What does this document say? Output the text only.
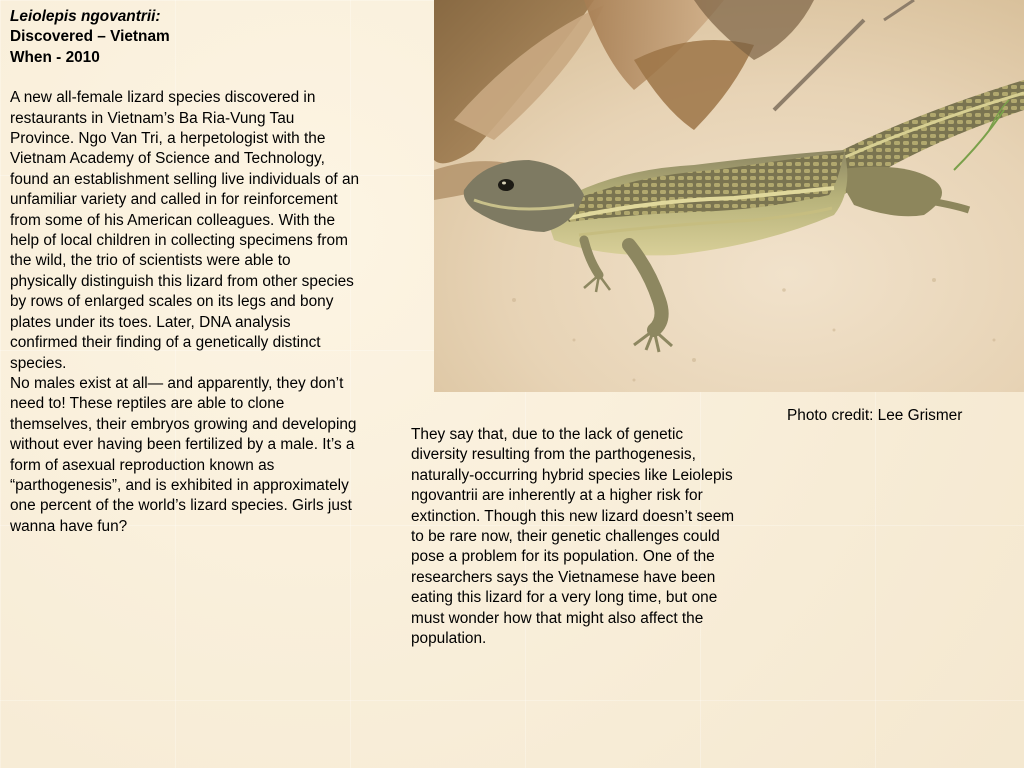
Leiolepis ngovantrii:

Discovered – Vietnam

When - 2010

A new all-female lizard species discovered in restaurants in Vietnam’s Ba Ria-Vung Tau Province. Ngo Van Tri, a herpetologist with the Vietnam Academy of Science and Technology, found an establishment selling live individuals of an unfamiliar variety and called in for reinforcement from some of his American colleagues. With the help of local children in collecting specimens from the wild, the trio of scientists were able to physically distinguish this lizard from other species by rows of enlarged scales on its legs and bony plates under its toes. Later, DNA analysis confirmed their finding of a genetically distinct species.

No males exist at all— and apparently, they don’t need to! These reptiles are able to clone themselves, their embryos growing and developing without ever having been fertilized by a male. It’s a form of asexual reproduction known as “parthogenesis”, and is exhibited in approximately one percent of the world’s lizard species. Girls just wanna have fun?

Photo credit: Lee Grismer

They say that, due to the lack of genetic diversity resulting from the parthogenesis, naturally-occurring hybrid species like Leiolepis ngovantrii are inherently at a higher risk for extinction. Though this new lizard doesn’t seem to be rare now, their genetic challenges could pose a problem for its population. One of the researchers says the Vietnamese have been eating this lizard for a very long time, but one must wonder how that might also affect the population.
